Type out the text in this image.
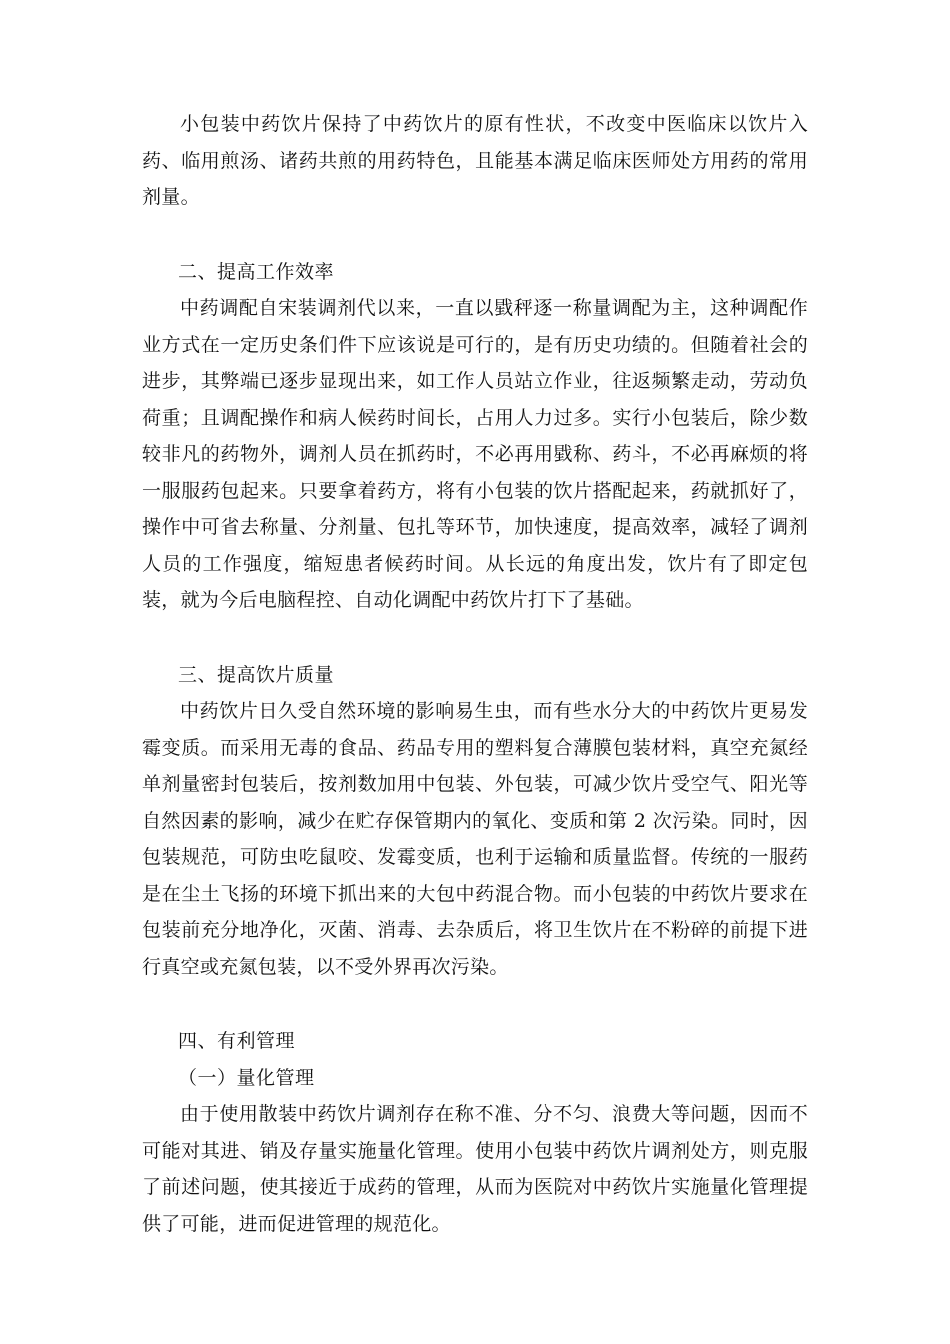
小包装中药饮片保持了中药饮片的原有性状，不改变中医临床以饮片入药、临用煎汤、诸药共煎的用药特色，且能基本满足临床医师处方用药的常用剂量。

二、提高工作效率

中药调配自宋装调剂代以来，一直以戥秤逐一称量调配为主，这种调配作业方式在一定历史条们件下应该说是可行的，是有历史功绩的。但随着社会的进步，其弊端已逐步显现出来，如工作人员站立作业，往返频繁走动，劳动负荷重；且调配操作和病人候药时间长，占用人力过多。实行小包装后，除少数较非凡的药物外，调剂人员在抓药时，不必再用戥称、药斗，不必再麻烦的将一服服药包起来。只要拿着药方，将有小包装的饮片搭配起来，药就抓好了，操作中可省去称量、分剂量、包扎等环节，加快速度，提高效率，减轻了调剂人员的工作强度，缩短患者候药时间。从长远的角度出发，饮片有了即定包装，就为今后电脑程控、自动化调配中药饮片打下了基础。

三、提高饮片质量

中药饮片日久受自然环境的影响易生虫，而有些水分大的中药饮片更易发霉变质。而采用无毒的食品、药品专用的塑料复合薄膜包装材料，真空充氮经单剂量密封包装后，按剂数加用中包装、外包装，可减少饮片受空气、阳光等自然因素的影响，减少在贮存保管期内的氧化、变质和第 2 次污染。同时，因包装规范，可防虫吃鼠咬、发霉变质，也利于运输和质量监督。传统的一服药是在尘土飞扬的环境下抓出来的大包中药混合物。而小包装的中药饮片要求在包装前充分地净化，灭菌、消毒、去杂质后，将卫生饮片在不粉碎的前提下进行真空或充氮包装，以不受外界再次污染。

四、有利管理

（一）量化管理

由于使用散装中药饮片调剂存在称不准、分不匀、浪费大等问题，因而不可能对其进、销及存量实施量化管理。使用小包装中药饮片调剂处方，则克服了前述问题，使其接近于成药的管理，从而为医院对中药饮片实施量化管理提供了可能，进而促进管理的规范化。
